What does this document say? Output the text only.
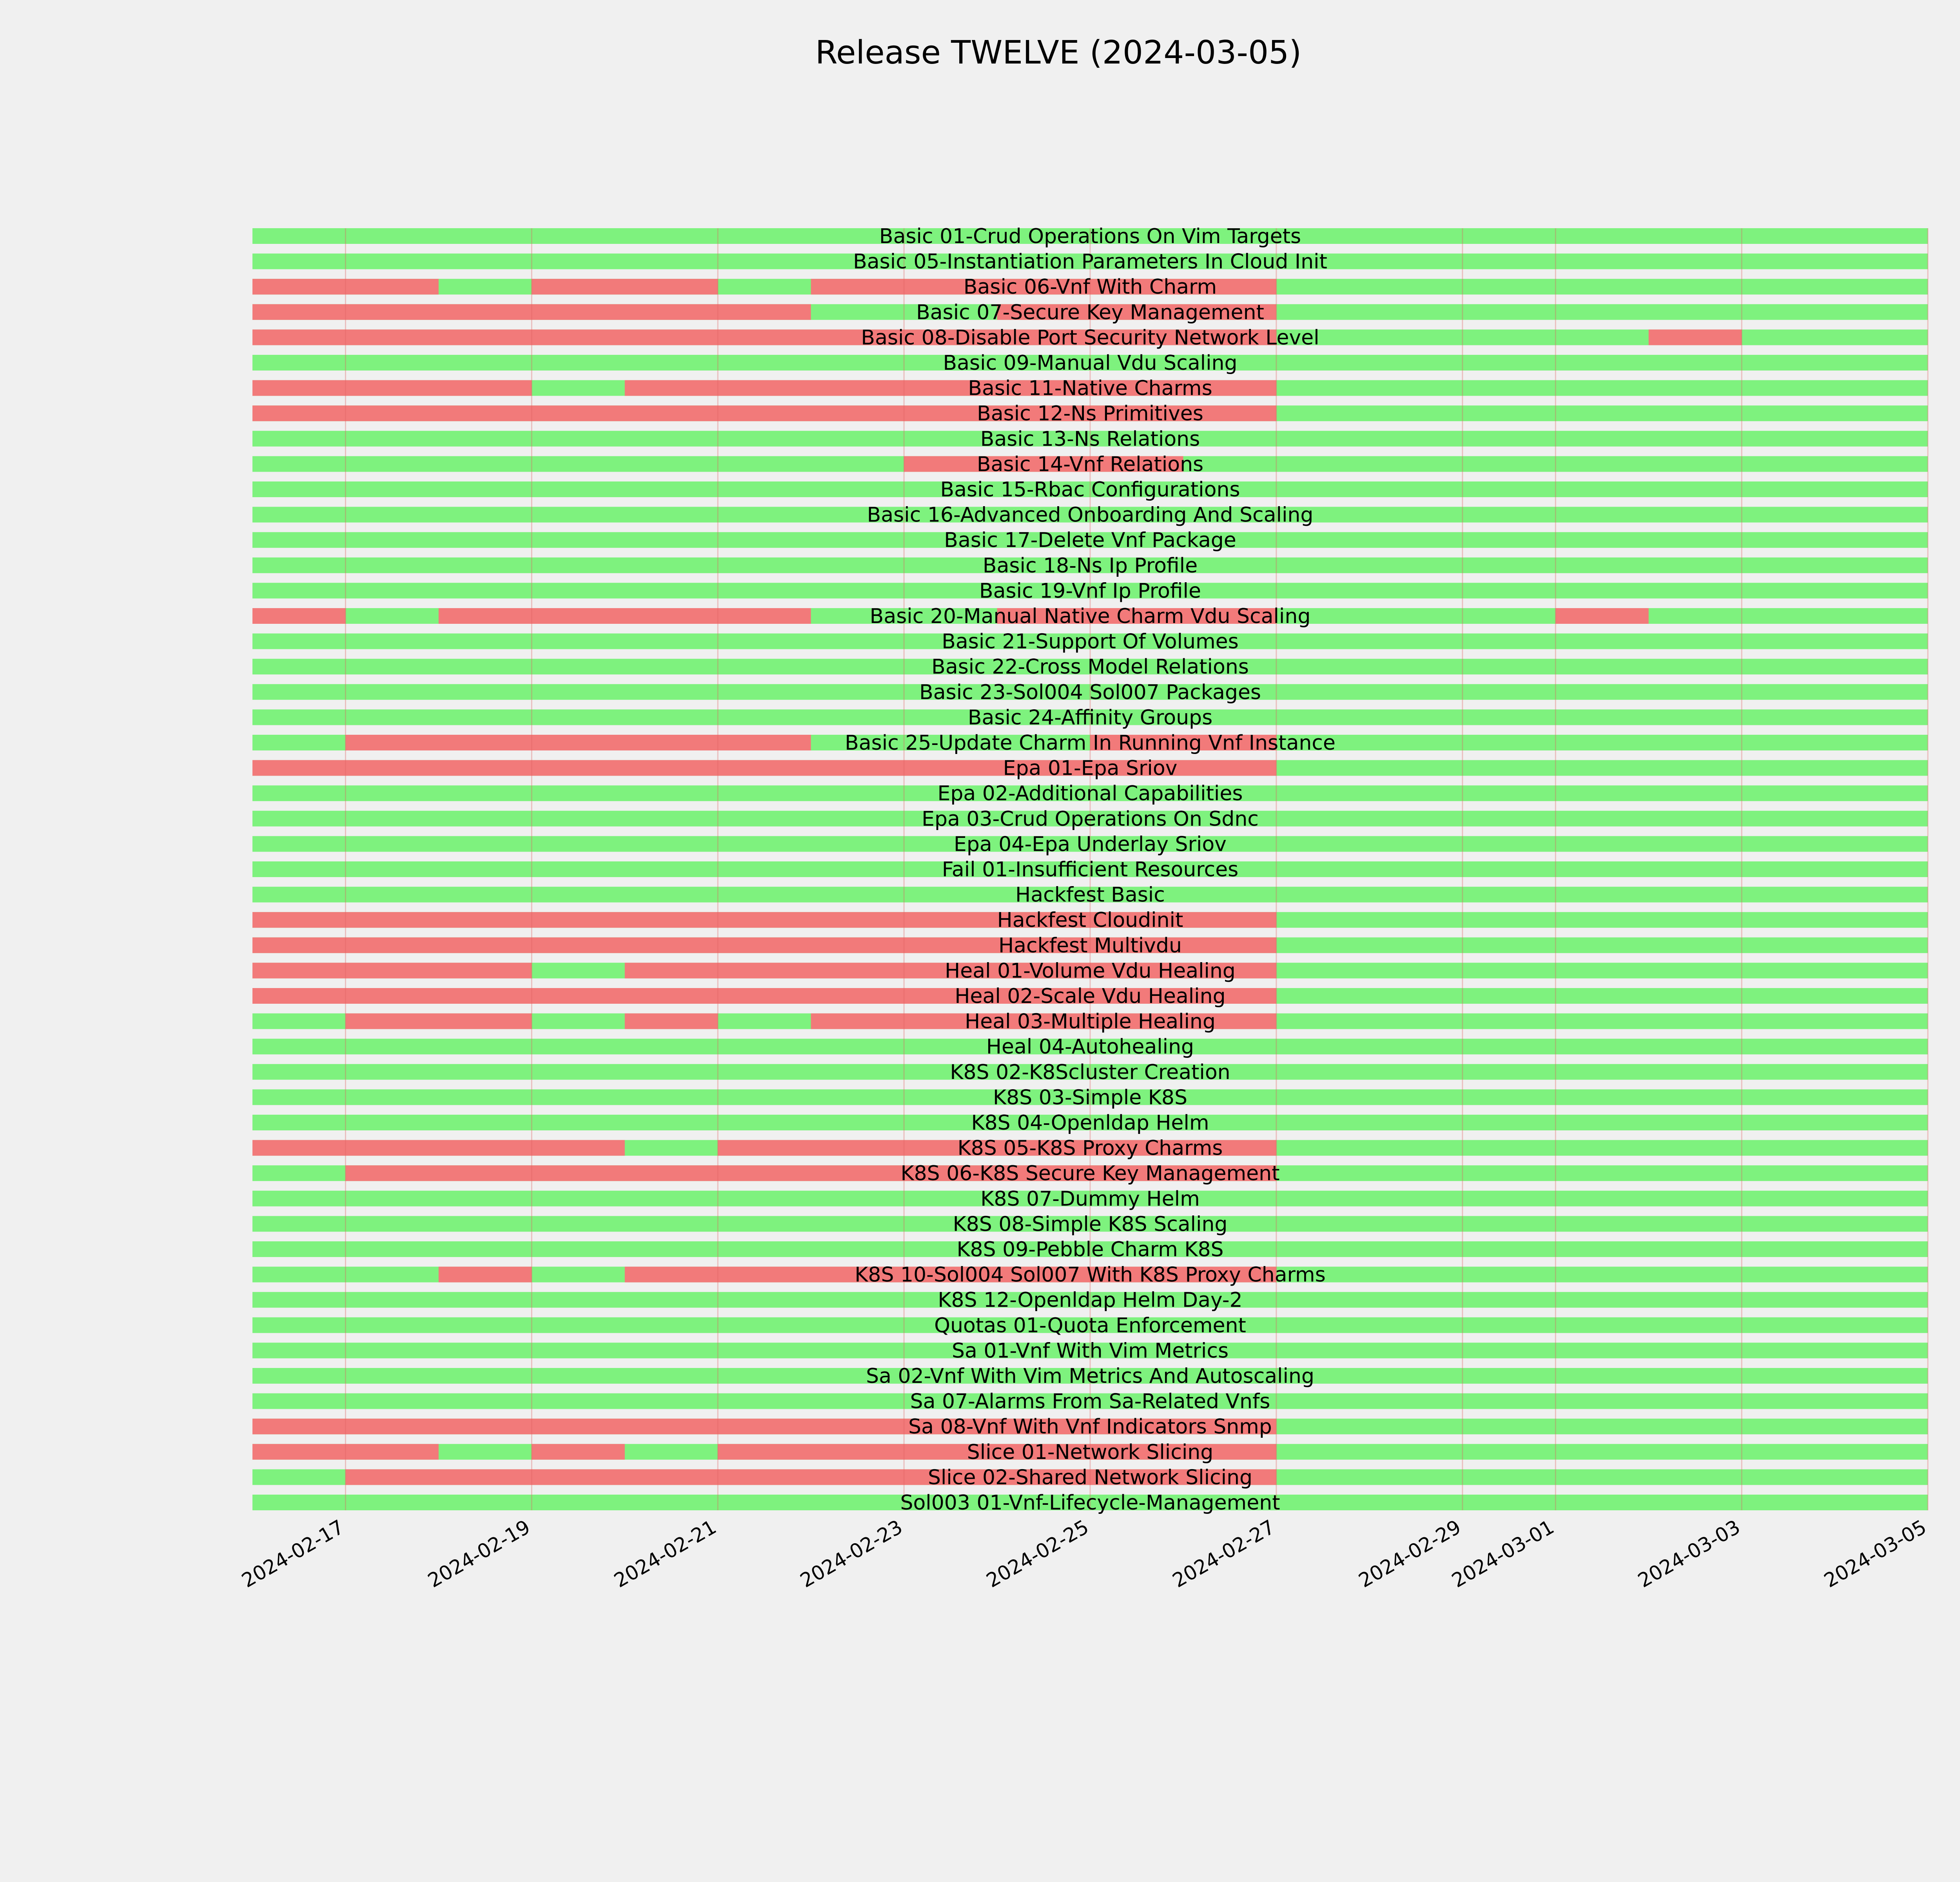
Release TWELVE (2024-03-05)
Basic 01-Crud Operations On Vim Targets
Basic 05-Instantiation Parameters In Cloud Init
Basic 06-Vnf With Charm
Basic 07-Secure Key Management
Basic 08-Disable Port Security Network Level
Basic 09-Manual Vdu Scaling
Basic 11-Native Charms
Basic 12-Ns Primitives
Basic 13-Ns Relations
Basic 14-Vnf Relations
Basic 15-Rbac Configurations
Basic 16-Advanced Onboarding And Scaling
Basic 17-Delete Vnf Package
Basic 18-Ns Ip Profile
Basic 19-Vnf Ip Profile
Basic 20-Manual Native Charm Vdu Scaling
Basic 21-Support Of Volumes
Basic 22-Cross Model Relations
Basic 23-Sol004 Sol007 Packages
Basic 24-Affinity Groups
Basic 25-Update Charm In Running Vnf Instance
Epa 01-Epa Sriov
Epa 02-Additional Capabilities
Epa 03-Crud Operations On Sdnc
Epa 04-Epa Underlay Sriov
Fail 01-Insufficient Resources
Hackfest Basic
Hackfest Cloudinit
Hackfest Multivdu
Heal 01-Volume Vdu Healing
Heal 02-Scale Vdu Healing
Heal 03-Multiple Healing
Heal 04-Autohealing
K8S 02-K8Scluster Creation
K8S 03-Simple K8S
K8S 04-Openldap Helm
K8S 05-K8S Proxy Charms
K8S 06-K8S Secure Key Management
K8S 07-Dummy Helm
K8S 08-Simple K8S Scaling
K8S 09-Pebble Charm K8S
K8S 10-Sol004 Sol007 With K8S Proxy Charms
K8S 12-Openldap Helm Day-2
Quotas 01-Quota Enforcement
Sa 01-Vnf With Vim Metrics
Sa 02-Vnf With Vim Metrics And Autoscaling
Sa 07-Alarms From Sa-Related Vnfs
Sa 08-Vnf With Vnf Indicators Snmp
Slice 01-Network Slicing
Slice 02-Shared Network Slicing
Sol003 01-Vnf-Lifecycle-Management
2024-02-17	2024-02-19	2024-02-21	2024-02-23	2024-02-25	2024-02-27	2024-02-29
2024-03-01	2024-03-03	2024-03-05
